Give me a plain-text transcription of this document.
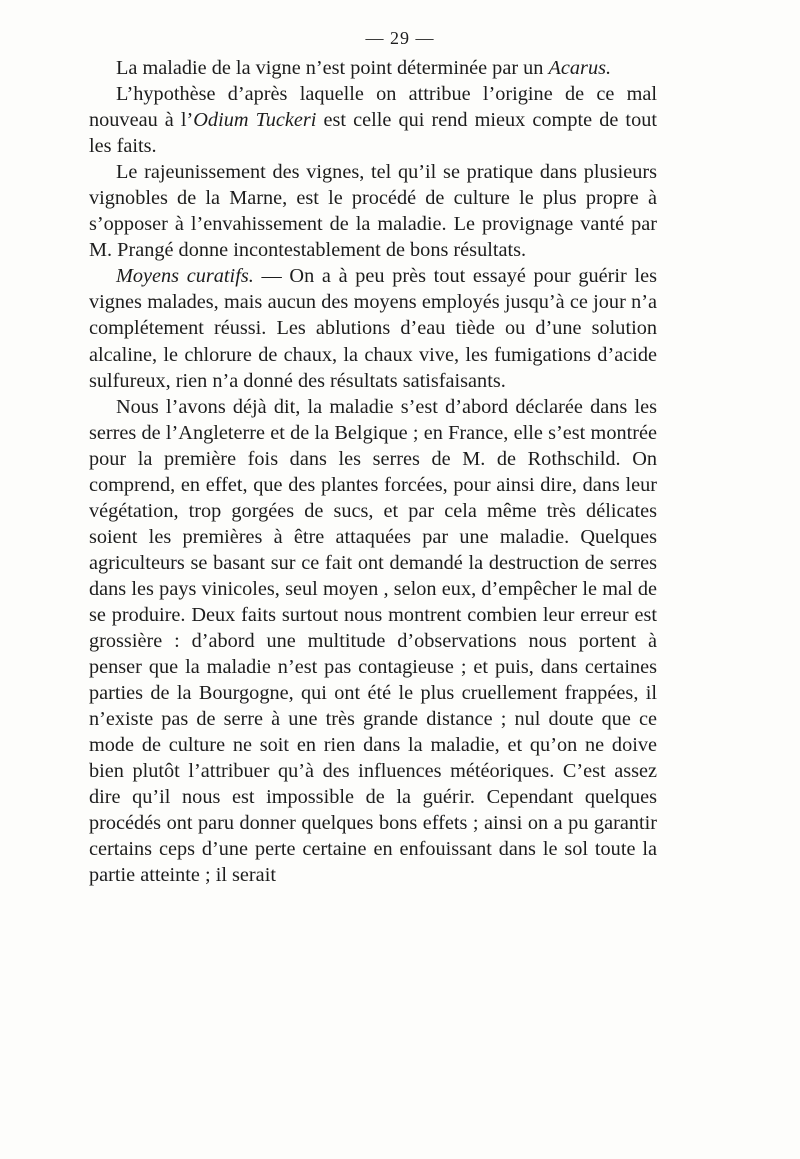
— 29 —

La maladie de la vigne n’est point déterminée par un Acarus.

L’hypothèse d’après laquelle on attribue l’origine de ce mal nouveau à l’Odium Tuckeri est celle qui rend mieux compte de tout les faits.

Le rajeunissement des vignes, tel qu’il se pratique dans plusieurs vignobles de la Marne, est le procédé de culture le plus propre à s’opposer à l’envahissement de la maladie. Le provignage vanté par M. Prangé donne incontestablement de bons résultats.

Moyens curatifs. — On a à peu près tout essayé pour guérir les vignes malades, mais aucun des moyens employés jusqu’à ce jour n’a complétement réussi. Les ablutions d’eau tiède ou d’une solution alcaline, le chlorure de chaux, la chaux vive, les fumigations d’acide sulfureux, rien n’a donné des résultats satisfaisants.

Nous l’avons déjà dit, la maladie s’est d’abord déclarée dans les serres de l’Angleterre et de la Belgique ; en France, elle s’est montrée pour la première fois dans les serres de M. de Rothschild. On comprend, en effet, que des plantes forcées, pour ainsi dire, dans leur végétation, trop gorgées de sucs, et par cela même très délicates soient les premières à être attaquées par une maladie. Quelques agriculteurs se basant sur ce fait ont demandé la destruction de serres dans les pays vinicoles, seul moyen , selon eux, d’empêcher le mal de se produire. Deux faits surtout nous montrent combien leur erreur est grossière : d’abord une multitude d’observations nous portent à penser que la maladie n’est pas contagieuse ; et puis, dans certaines parties de la Bourgogne, qui ont été le plus cruellement frappées, il n’existe pas de serre à une très grande distance ; nul doute que ce mode de culture ne soit en rien dans la maladie, et qu’on ne doive bien plutôt l’attribuer qu’à des influences météoriques. C’est assez dire qu’il nous est impossible de la guérir. Cependant quelques procédés ont paru donner quelques bons effets ; ainsi on a pu garantir certains ceps d’une perte certaine en enfouissant dans le sol toute la partie atteinte ; il serait
